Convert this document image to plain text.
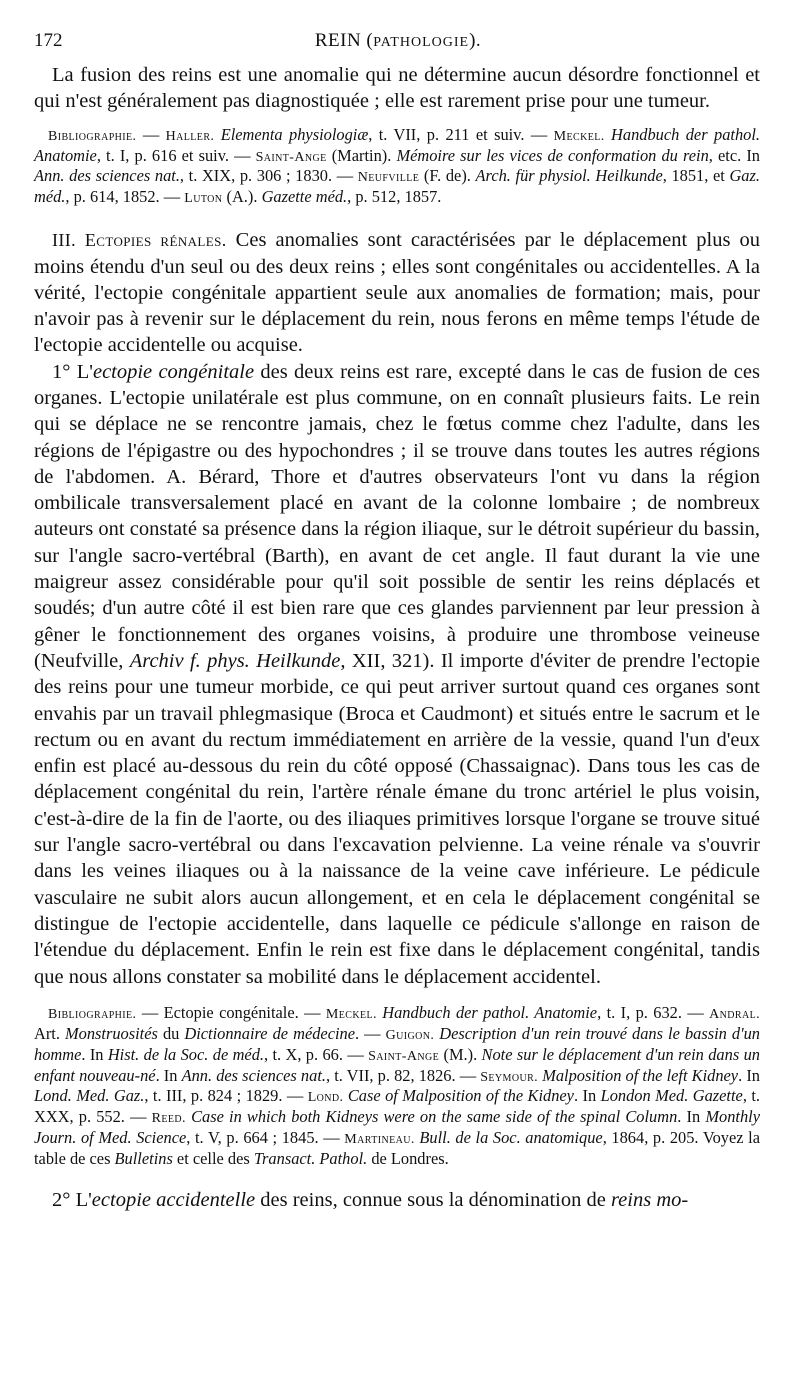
172	REIN (PATHOLOGIE).

La fusion des reins est une anomalie qui ne détermine aucun désordre fonctionnel et qui n'est généralement pas diagnostiquée ; elle est rarement prise pour une tumeur.

Bibliographie. — Haller. Elementa physiologiæ, t. VII, p. 211 et suiv. — Meckel. Handbuch der pathol. Anatomie, t. I, p. 616 et suiv. — Saint-Ange (Martin). Mémoire sur les vices de conformation du rein, etc. In Ann. des sciences nat., t. XIX, p. 306 ; 1830. — Neufville (F. de). Arch. für physiol. Heilkunde, 1851, et Gaz. méd., p. 614, 1852. — Luton (A.). Gazette méd., p. 512, 1857.

III. Ectopies rénales. Ces anomalies sont caractérisées par le déplacement plus ou moins étendu d'un seul ou des deux reins ; elles sont congénitales ou accidentelles. A la vérité, l'ectopie congénitale appartient seule aux anomalies de formation; mais, pour n'avoir pas à revenir sur le déplacement du rein, nous ferons en même temps l'étude de l'ectopie accidentelle ou acquise.

1° L'ectopie congénitale des deux reins est rare, excepté dans le cas de fusion de ces organes. L'ectopie unilatérale est plus commune, on en connaît plusieurs faits. Le rein qui se déplace ne se rencontre jamais, chez le fœtus comme chez l'adulte, dans les régions de l'épigastre ou des hypochondres ; il se trouve dans toutes les autres régions de l'abdomen. A. Bérard, Thore et d'autres observateurs l'ont vu dans la région ombilicale transversalement placé en avant de la colonne lombaire ; de nombreux auteurs ont constaté sa présence dans la région iliaque, sur le détroit supérieur du bassin, sur l'angle sacro-vertébral (Barth), en avant de cet angle. Il faut durant la vie une maigreur assez considérable pour qu'il soit possible de sentir les reins déplacés et soudés; d'un autre côté il est bien rare que ces glandes parviennent par leur pression à gêner le fonctionnement des organes voisins, à produire une thrombose veineuse (Neufville, Archiv f. phys. Heilkunde, XII, 321). Il importe d'éviter de prendre l'ectopie des reins pour une tumeur morbide, ce qui peut arriver surtout quand ces organes sont envahis par un travail phlegmasique (Broca et Caudmont) et situés entre le sacrum et le rectum ou en avant du rectum immédiatement en arrière de la vessie, quand l'un d'eux enfin est placé au-dessous du rein du côté opposé (Chassaignac). Dans tous les cas de déplacement congénital du rein, l'artère rénale émane du tronc artériel le plus voisin, c'est-à-dire de la fin de l'aorte, ou des iliaques primitives lorsque l'organe se trouve situé sur l'angle sacro-vertébral ou dans l'excavation pelvienne. La veine rénale va s'ouvrir dans les veines iliaques ou à la naissance de la veine cave inférieure. Le pédicule vasculaire ne subit alors aucun allongement, et en cela le déplacement congénital se distingue de l'ectopie accidentelle, dans laquelle ce pédicule s'allonge en raison de l'étendue du déplacement. Enfin le rein est fixe dans le déplacement congénital, tandis que nous allons constater sa mobilité dans le déplacement accidentel.

Bibliographie. — Ectopie congénitale. — Meckel. Handbuch der pathol. Anatomie, t. I, p. 632. — Andral. Art. Monstruosités du Dictionnaire de médecine. — Guigon. Description d'un rein trouvé dans le bassin d'un homme. In Hist. de la Soc. de méd., t. X, p. 66. — Saint-Ange (M.). Note sur le déplacement d'un rein dans un enfant nouveau-né. In Ann. des sciences nat., t. VII, p. 82, 1826. — Seymour. Malposition of the left Kidney. In Lond. Med. Gaz., t. III, p. 824 ; 1829. — Lond. Case of Malposition of the Kidney. In London Med. Gazette, t. XXX, p. 552. — Reed. Case in which both Kidneys were on the same side of the spinal Column. In Monthly Journ. of Med. Science, t. V, p. 664 ; 1845. — Martineau. Bull. de la Soc. anatomique, 1864, p. 205. Voyez la table de ces Bulletins et celle des Transact. Pathol. de Londres.

2° L'ectopie accidentelle des reins, connue sous la dénomination de reins mo-
